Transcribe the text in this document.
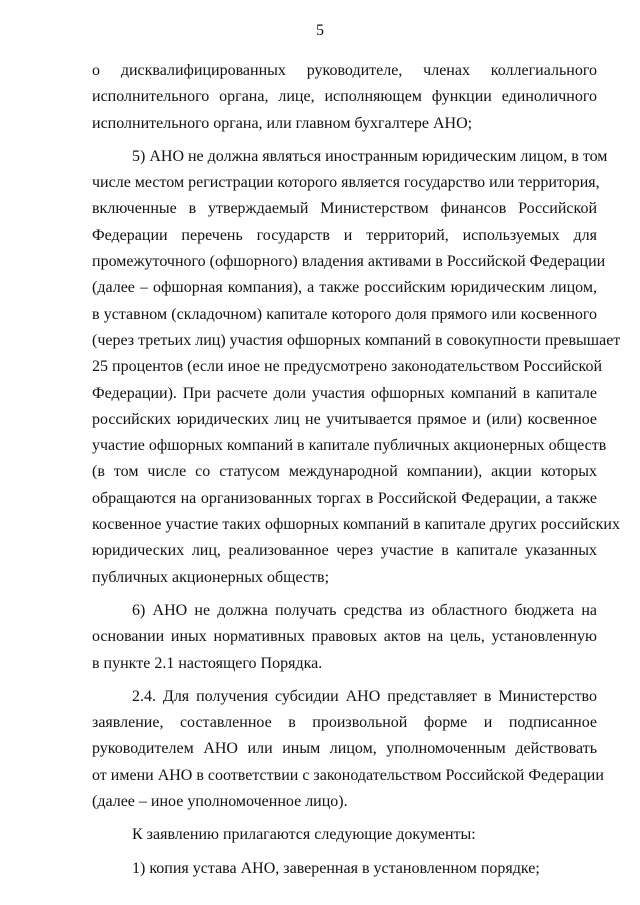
5
о дисквалифицированных руководителе, членах коллегиального
исполнительного органа, лице, исполняющем функции единоличного
исполнительного органа, или главном бухгалтере АНО;
5) АНО не должна являться иностранным юридическим лицом, в том
числе местом регистрации которого является государство или территория,
включенные в утверждаемый Министерством финансов Российской
Федерации перечень государств и территорий, используемых для
промежуточного (офшорного) владения активами в Российской Федерации
(далее – офшорная компания), а также российским юридическим лицом,
в уставном (складочном) капитале которого доля прямого или косвенного
(через третьих лиц) участия офшорных компаний в совокупности превышает
25 процентов (если иное не предусмотрено законодательством Российской
Федерации). При расчете доли участия офшорных компаний в капитале
российских юридических лиц не учитывается прямое и (или) косвенное
участие офшорных компаний в капитале публичных акционерных обществ
(в том числе со статусом международной компании), акции которых
обращаются на организованных торгах в Российской Федерации, а также
косвенное участие таких офшорных компаний в капитале других российских
юридических лиц, реализованное через участие в капитале указанных
публичных акционерных обществ;
6) АНО не должна получать средства из областного бюджета на
основании иных нормативных правовых актов на цель, установленную
в пункте 2.1 настоящего Порядка.
2.4. Для получения субсидии АНО представляет в Министерство
заявление, составленное в произвольной форме и подписанное
руководителем АНО или иным лицом, уполномоченным действовать
от имени АНО в соответствии с законодательством Российской Федерации
(далее – иное уполномоченное лицо).
К заявлению прилагаются следующие документы:
1) копия устава АНО, заверенная в установленном порядке;
